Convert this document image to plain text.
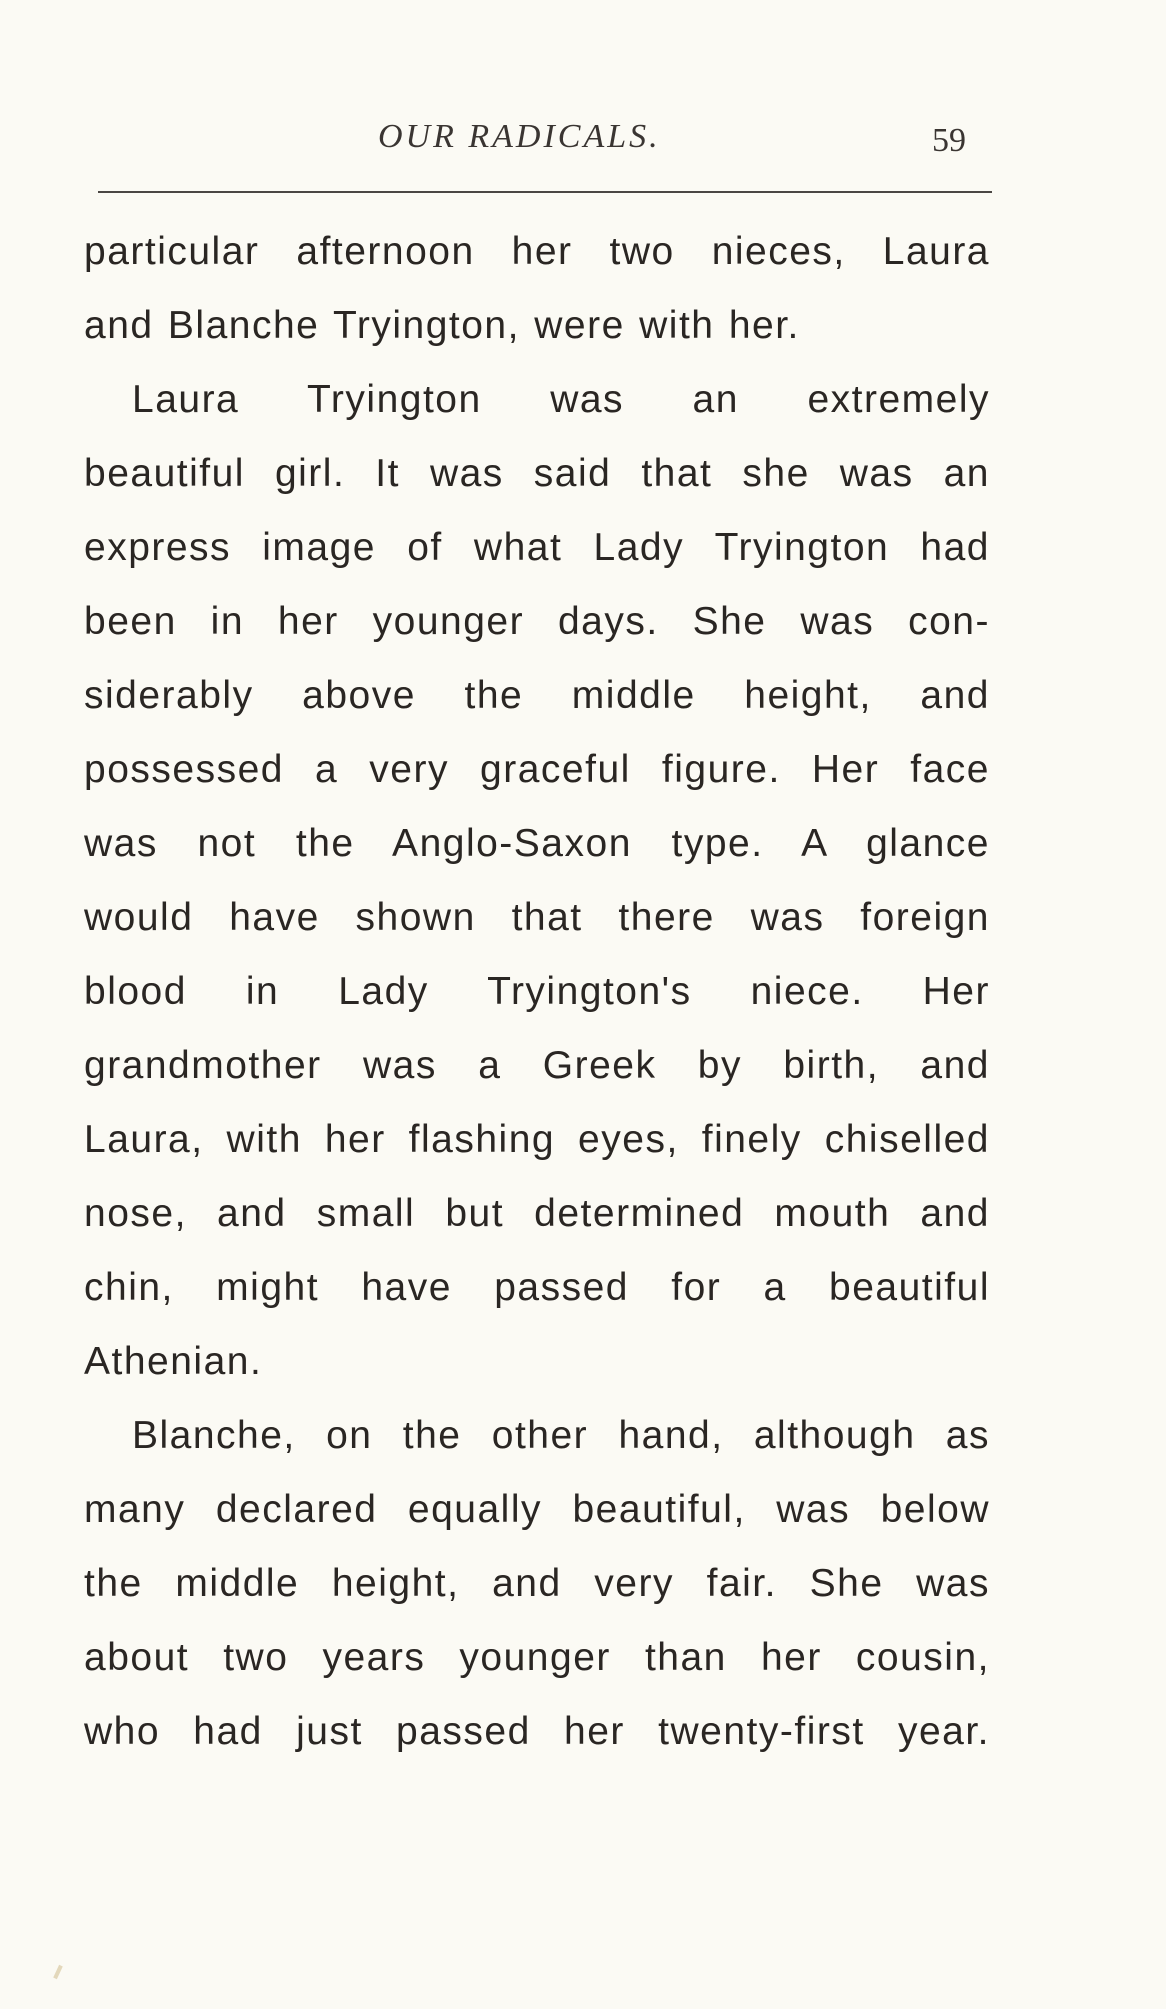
OUR RADICALS.	59
particular afternoon her two nieces, Laura
and Blanche Tryington, were with her.
Laura Tryington was an extremely
beautiful girl. It was said that she was an
express image of what Lady Tryington had
been in her younger days. She was con-
siderably above the middle height, and
possessed a very graceful figure. Her face
was not the Anglo-Saxon type. A glance
would have shown that there was foreign
blood in Lady Tryington's niece. Her
grandmother was a Greek by birth, and
Laura, with her flashing eyes, finely chiselled
nose, and small but determined mouth and
chin, might have passed for a beautiful
Athenian.
Blanche, on the other hand, although as
many declared equally beautiful, was below
the middle height, and very fair. She was
about two years younger than her cousin,
who had just passed her twenty-first year.
